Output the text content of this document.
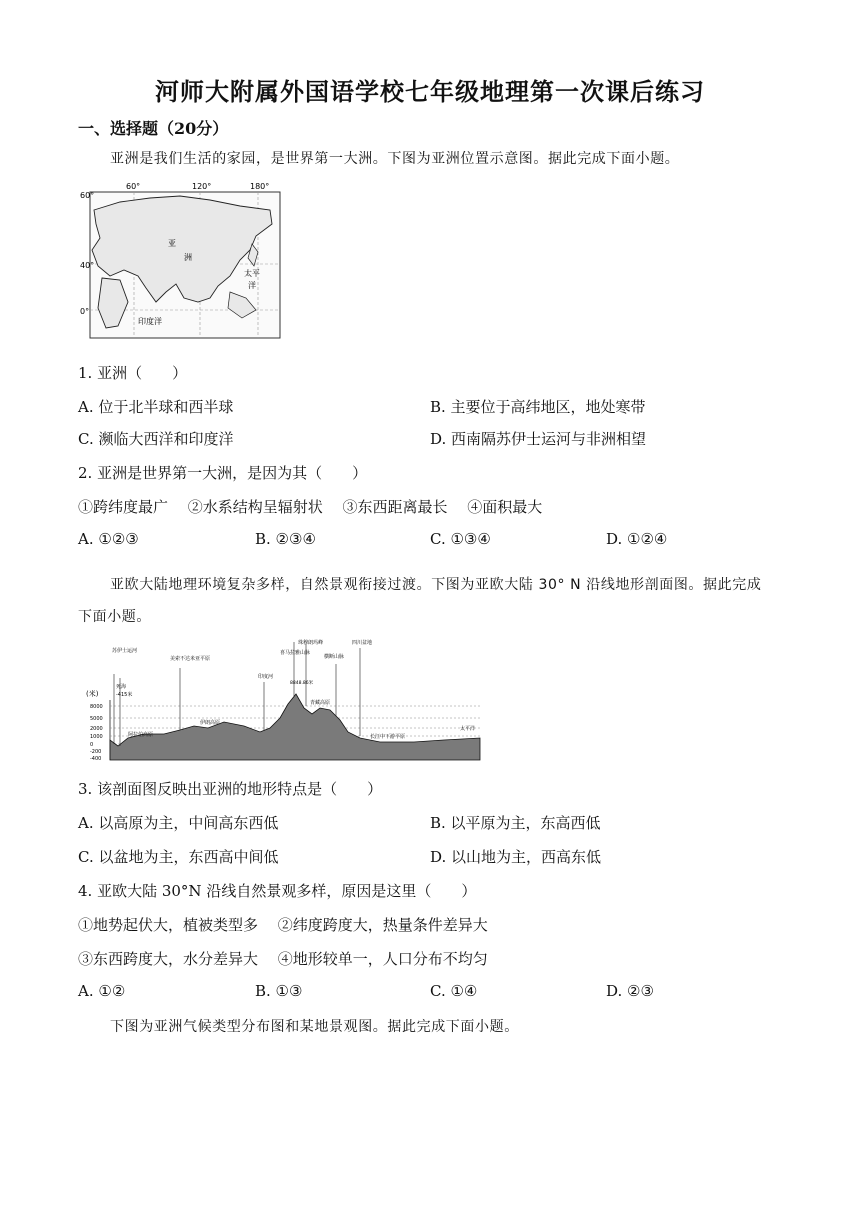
河师大附属外国语学校七年级地理第一次课后练习
一、选择题（20分）
亚洲是我们生活的家园，是世界第一大洲。下图为亚洲位置示意图。据此完成下面小题。
60°	120°	180°
60°
40°
0°
亚
洲
太平
洋
印度洋
1. 亚洲（　　）
A. 位于北半球和西半球	B. 主要位于高纬地区，地处寒带
C. 濒临大西洋和印度洋	D. 西南隔苏伊士运河与非洲相望
2. 亚洲是世界第一大洲，是因为其（　　）
①跨纬度最广　 ②水系结构呈辐射状　 ③东西距离最长　 ④面积最大
A. ①②③	B. ②③④	C. ①③④	D. ①②④
亚欧大陆地理环境复杂多样，自然景观衔接过渡。下图为亚欧大陆 30° N 沿线地形剖面图。据此完成
下面小题。
(米)
8000
5000
2000
1000
0
-200
-400
苏伊士运河
死海
-415米
美索不达米亚平原
阿拉伯高原
伊朗高原
印度河
珠穆朗玛峰
喜马拉雅山脉
8848.86米
青藏高原
横断山脉
四川盆地
长江中下游平原
太平洋
3. 该剖面图反映出亚洲的地形特点是（　　）
A. 以高原为主，中间高东西低	B. 以平原为主，东高西低
C. 以盆地为主，东西高中间低	D. 以山地为主，西高东低
4. 亚欧大陆 30°N 沿线自然景观多样，原因是这里（　　）
①地势起伏大，植被类型多　 ②纬度跨度大，热量条件差异大
③东西跨度大，水分差异大　 ④地形较单一，人口分布不均匀
A. ①②	B. ①③	C. ①④	D. ②③
下图为亚洲气候类型分布图和某地景观图。据此完成下面小题。
